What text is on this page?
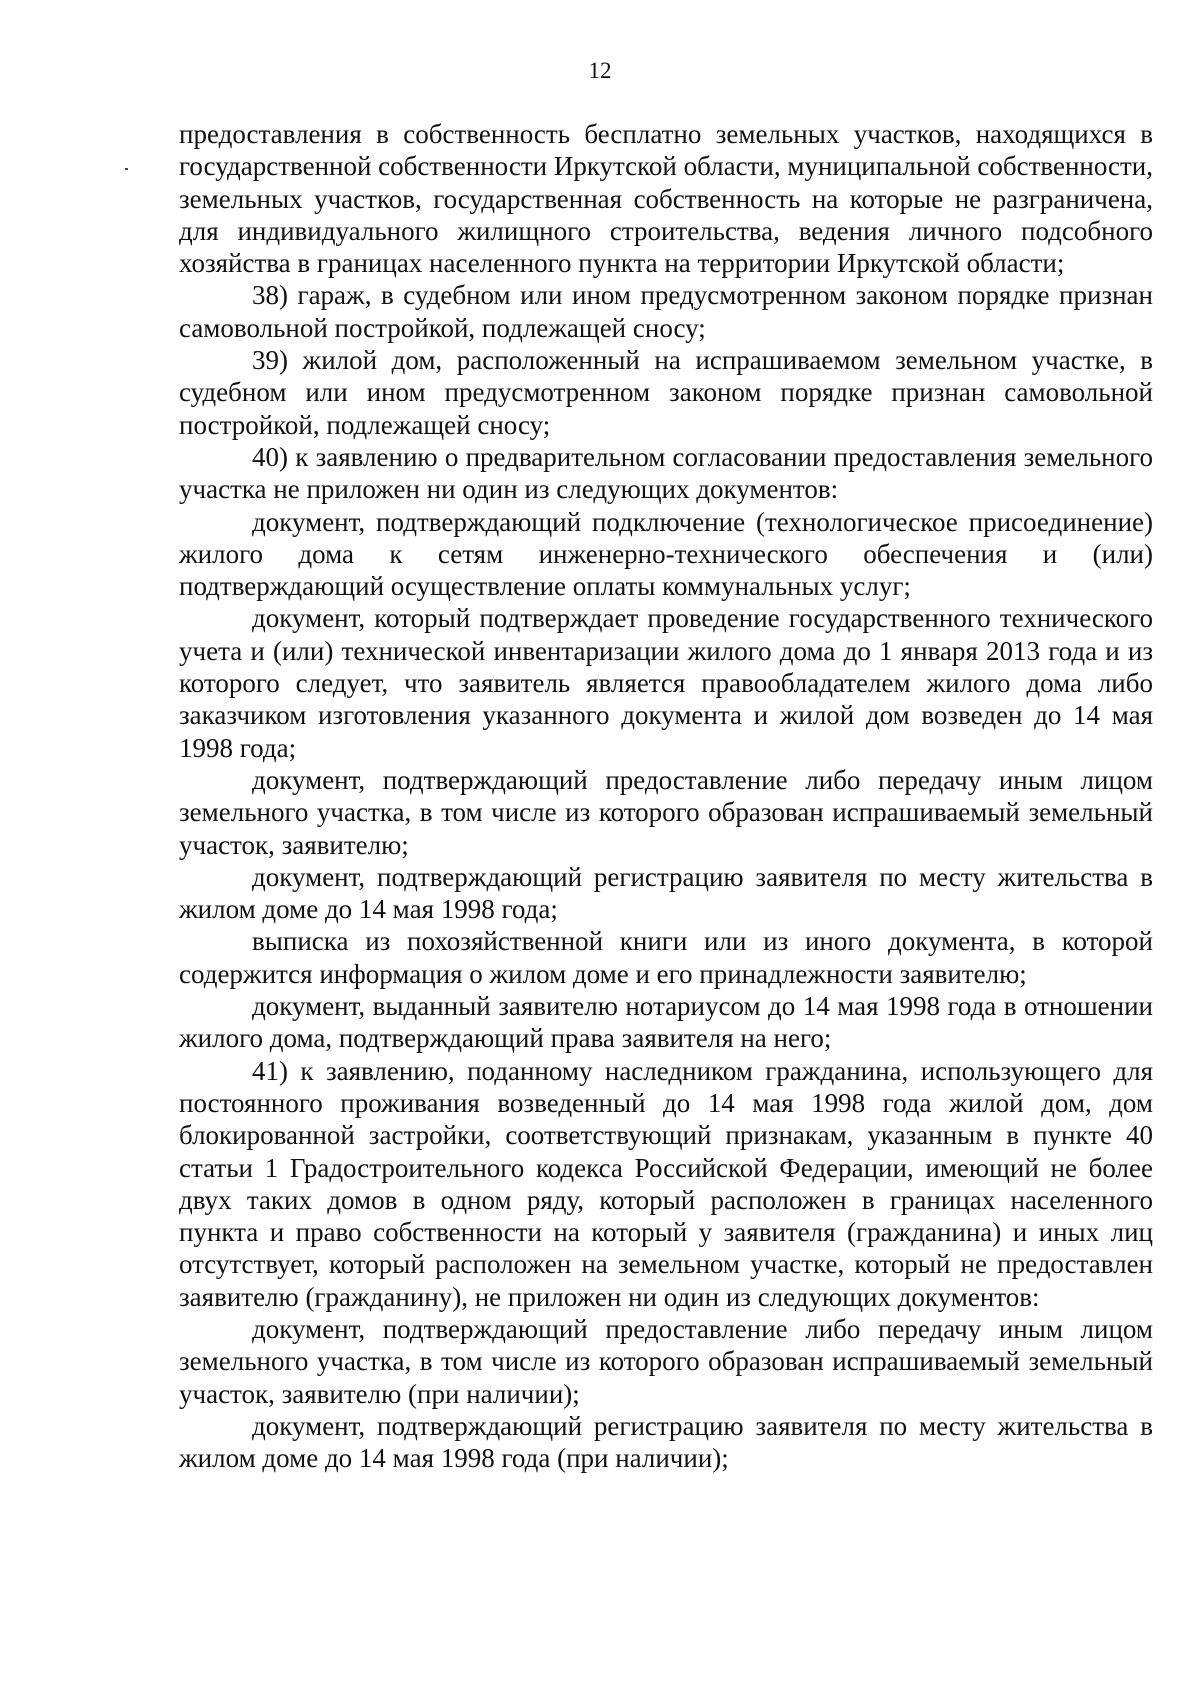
12

предоставления в собственность бесплатно земельных участков, находящихся в государственной собственности Иркутской области, муниципальной собственности, земельных участков, государственная собственность на которые не разграничена, для индивидуального жилищного строительства, ведения личного подсобного хозяйства в границах населенного пункта на территории Иркутской области;

38) гараж, в судебном или ином предусмотренном законом порядке признан самовольной постройкой, подлежащей сносу;

39) жилой дом, расположенный на испрашиваемом земельном участке, в судебном или ином предусмотренном законом порядке признан самовольной постройкой, подлежащей сносу;

40) к заявлению о предварительном согласовании предоставления земельного участка не приложен ни один из следующих документов:

документ, подтверждающий подключение (технологическое присоединение) жилого дома к сетям инженерно-технического обеспечения и (или) подтверждающий осуществление оплаты коммунальных услуг;

документ, который подтверждает проведение государственного технического учета и (или) технической инвентаризации жилого дома до 1 января 2013 года и из которого следует, что заявитель является правообладателем жилого дома либо заказчиком изготовления указанного документа и жилой дом возведен до 14 мая 1998 года;

документ, подтверждающий предоставление либо передачу иным лицом земельного участка, в том числе из которого образован испрашиваемый земельный участок, заявителю;

документ, подтверждающий регистрацию заявителя по месту жительства в жилом доме до 14 мая 1998 года;

выписка из похозяйственной книги или из иного документа, в которой содержится информация о жилом доме и его принадлежности заявителю;

документ, выданный заявителю нотариусом до 14 мая 1998 года в отношении жилого дома, подтверждающий права заявителя на него;

41) к заявлению, поданному наследником гражданина, использующего для постоянного проживания возведенный до 14 мая 1998 года жилой дом, дом блокированной застройки, соответствующий признакам, указанным в пункте 40 статьи 1 Градостроительного кодекса Российской Федерации, имеющий не более двух таких домов в одном ряду, который расположен в границах населенного пункта и право собственности на который у заявителя (гражданина) и иных лиц отсутствует, который расположен на земельном участке, который не предоставлен заявителю (гражданину), не приложен ни один из следующих документов:

документ, подтверждающий предоставление либо передачу иным лицом земельного участка, в том числе из которого образован испрашиваемый земельный участок, заявителю (при наличии);

документ, подтверждающий регистрацию заявителя по месту жительства в жилом доме до 14 мая 1998 года (при наличии);
